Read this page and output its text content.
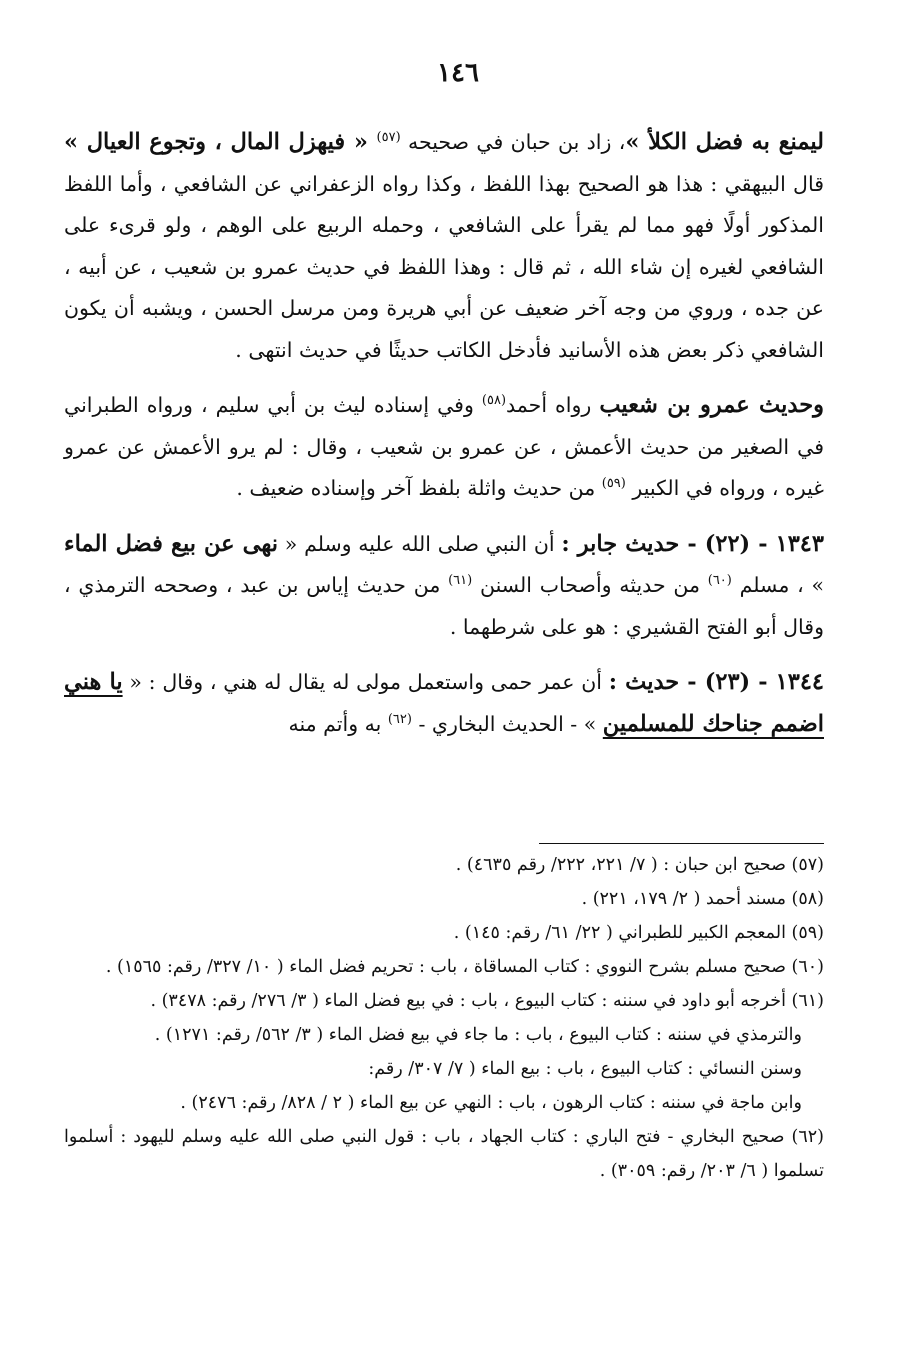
١٤٦

ليمنع به فضل الكلأ »، زاد بن حبان في صحيحه $^{(٥٧)}$ « فيهزل المال ، وتجوع العيال » قال البيهقي : هذا هو الصحيح بهذا اللفظ ، وكذا رواه الزعفراني عن الشافعي ، وأما اللفظ المذكور أولًا فهو مما لم يقرأ على الشافعي ، وحمله الربيع على الوهم ، ولو قرىء على الشافعي لغيره إن شاء الله ، ثم قال : وهذا اللفظ في حديث عمرو بن شعيب ، عن أبيه ، عن جده ، وروي من وجه آخر ضعيف عن أبي هريرة ومن مرسل الحسن ، ويشبه أن يكون الشافعي ذكر بعض هذه الأسانيد فأدخل الكاتب حديثًا في حديث انتهى .

وحديث عمرو بن شعيب رواه أحمد$^{(٥٨)}$ وفي إسناده ليث بن أبي سليم ، ورواه الطبراني في الصغير من حديث الأعمش ، عن عمرو بن شعيب ، وقال : لم يرو الأعمش عن عمرو غيره ، ورواه في الكبير $^{(٥٩)}$ من حديث واثلة بلفظ آخر وإسناده ضعيف .

١٣٤٣ - (٢٢) - حديث جابر : أن النبي صلى الله عليه وسلم « نهى عن بيع فضل الماء » ، مسلم $^{(٦٠)}$ من حديثه وأصحاب السنن $^{(٦١)}$ من حديث إياس بن عبد ، وصححه الترمذي ، وقال أبو الفتح القشيري : هو على شرطهما .

١٣٤٤ - (٢٣) - حديث : أن عمر حمى واستعمل مولى له يقال له هني ، وقال : « يا هني اضمم جناحك للمسلمين » - الحديث البخاري - $^{(٦٢)}$ به وأتم منه

(٥٧) صحيح ابن حبان : ( ٧/ ٢٢١، ٢٢٢/ رقم ٤٦٣٥) .

(٥٨) مسند أحمد ( ٢/ ١٧٩، ٢٢١) .

(٥٩) المعجم الكبير للطبراني ( ٢٢/ ٦١/ رقم: ١٤٥) .

(٦٠) صحيح مسلم بشرح النووي : كتاب المساقاة ، باب : تحريم فضل الماء ( ١٠/ ٣٢٧/ رقم: ١٥٦٥) .

(٦١) أخرجه أبو داود في سننه : كتاب البيوع ، باب : في بيع فضل الماء ( ٣/ ٢٧٦/ رقم: ٣٤٧٨) .

والترمذي في سننه : كتاب البيوع ، باب : ما جاء في بيع فضل الماء ( ٣/ ٥٦٢/ رقم: ١٢٧١) .

وسنن النسائي : كتاب البيوع ، باب : بيع الماء ( ٧/ ٣٠٧/ رقم:

وابن ماجة في سننه : كتاب الرهون ، باب : النهي عن بيع الماء ( ٢ / ٨٢٨/ رقم: ٢٤٧٦) .

(٦٢) صحيح البخاري - فتح الباري : كتاب الجهاد ، باب : قول النبي صلى الله عليه وسلم لليهود : أسلموا تسلموا ( ٦/ ٢٠٣/ رقم: ٣٠٥٩) .
